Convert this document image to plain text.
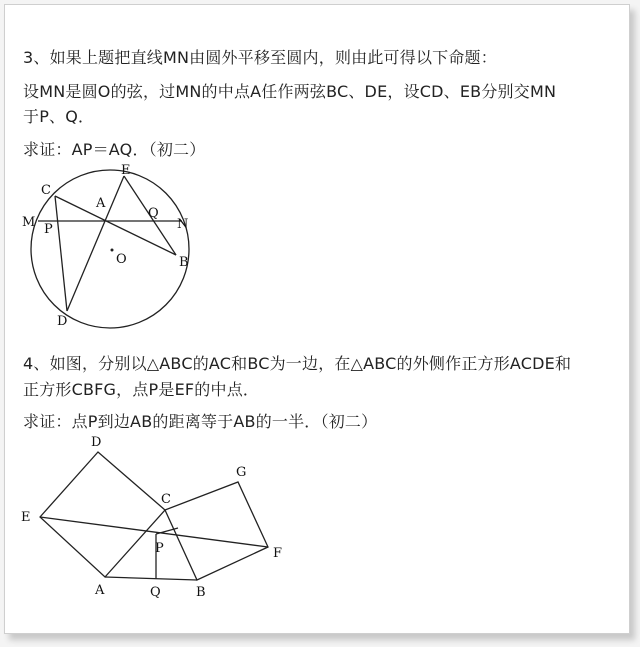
3、如果上题把直线MN由圆外平移至圆内，则由此可得以下命题：
设MN是圆O的弦，过MN的中点A任作两弦BC、DE，设CD、EB分别交MN
于P、Q．
求证：AP＝AQ．（初二）
4、如图，分别以△ABC的AC和BC为一边，在△ABC的外侧作正方形ACDE和
正方形CBFG，点P是EF的中点．
求证：点P到边AB的距离等于AB的一半．（初二）
C
E
A
Q
M	N
P
O	B
D
D
G
C
E
P	F
A	Q	B
